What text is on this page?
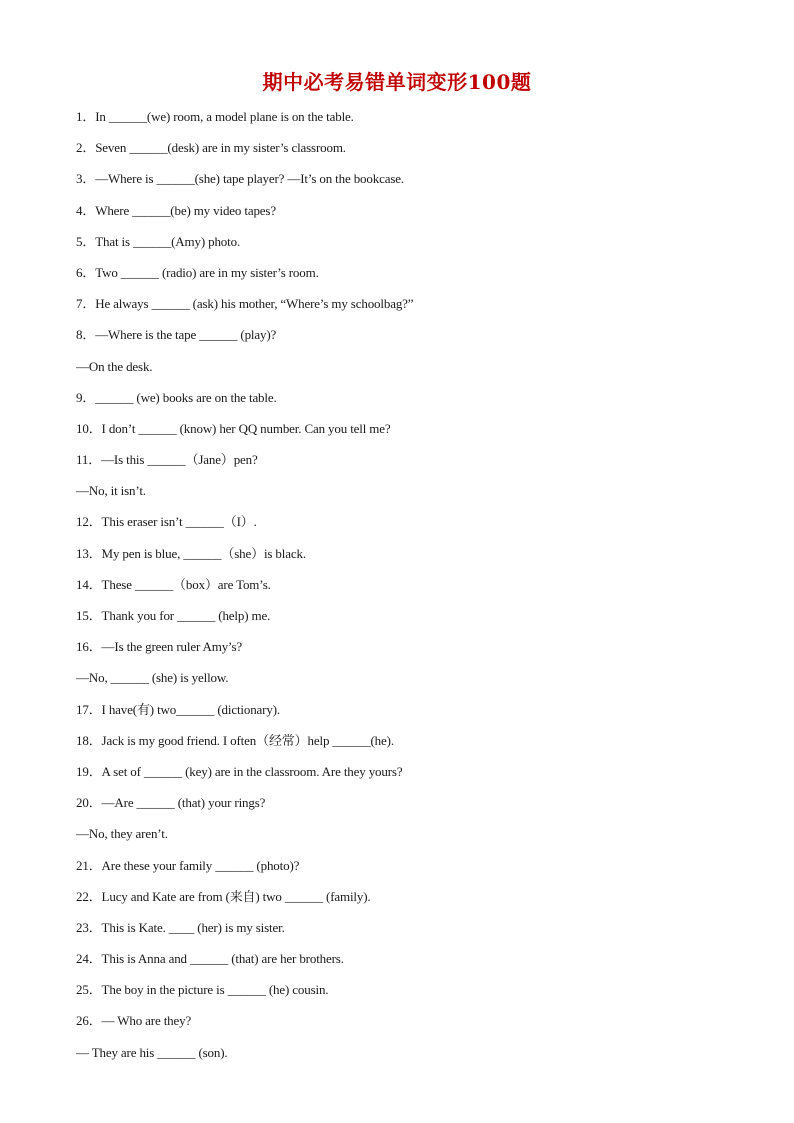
期中必考易错单词变形100题
1．In ______(we) room, a model plane is on the table.
2．Seven ______(desk) are in my sister’s classroom.
3．—Where is ______(she) tape player? —It’s on the bookcase.
4．Where ______(be) my video tapes?
5．That is ______(Amy) photo.
6．Two ______ (radio) are in my sister’s room.
7．He always ______ (ask) his mother, “Where’s my schoolbag?”
8．—Where is the tape ______ (play)?
—On the desk.
9．______ (we) books are on the table.
10．I don’t ______ (know) her QQ number. Can you tell me?
11．—Is this ______（Jane）pen?
—No, it isn’t.
12．This eraser isn’t ______（I）.
13．My pen is blue, ______（she）is black.
14．These ______（box）are Tom’s.
15．Thank you for ______ (help) me.
16．—Is the green ruler Amy’s?
—No, ______ (she) is yellow.
17．I have(有) two______ (dictionary).
18．Jack is my good friend. I often（经常）help ______(he).
19．A set of ______ (key) are in the classroom. Are they yours?
20．—Are ______ (that) your rings?
—No, they aren’t.
21．Are these your family ______ (photo)?
22．Lucy and Kate are from (来自) two ______ (family).
23．This is Kate. ____ (her) is my sister.
24．This is Anna and ______ (that) are her brothers.
25．The boy in the picture is ______ (he) cousin.
26．— Who are they?
— They are his ______ (son).
